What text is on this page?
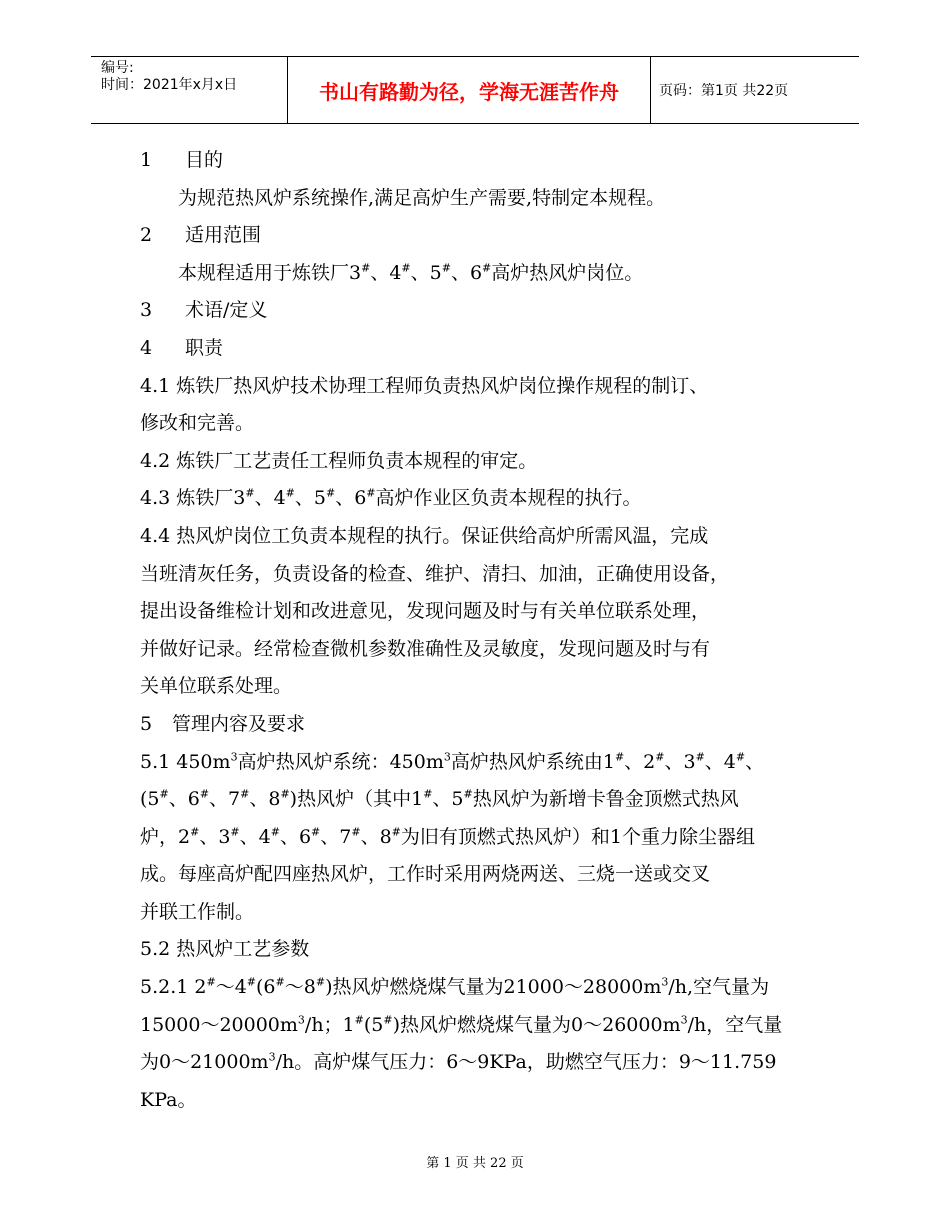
编号:
时间：2021年x月x日	书山有路勤为径，学海无涯苦作舟	页码：第1页 共22页

1 目的

为规范热风炉系统操作,满足高炉生产需要,特制定本规程。

2 适用范围

本规程适用于炼铁厂3#、4#、5#、6#高炉热风炉岗位。

3 术语/定义

4 职责

4.1 炼铁厂热风炉技术协理工程师负责热风炉岗位操作规程的制订、

修改和完善。

4.2 炼铁厂工艺责任工程师负责本规程的审定。

4.3 炼铁厂3#、4#、5#、6#高炉作业区负责本规程的执行。

4.4 热风炉岗位工负责本规程的执行。保证供给高炉所需风温，完成

当班清灰任务，负责设备的检查、维护、清扫、加油，正确使用设备，

提出设备维检计划和改进意见，发现问题及时与有关单位联系处理，

并做好记录。经常检查微机参数准确性及灵敏度，发现问题及时与有

关单位联系处理。

5 管理内容及要求

5.1 $450m^3$高炉热风炉系统：$450m^3$高炉热风炉系统由1#、2#、3#、4#、

(5#、6#、7#、8#)热风炉（其中1#、5#热风炉为新增卡鲁金顶燃式热风

炉，2#、3#、4#、6#、7#、8#为旧有顶燃式热风炉）和1个重力除尘器组

成。每座高炉配四座热风炉，工作时采用两烧两送、三烧一送或交叉

并联工作制。

5.2 热风炉工艺参数

5.2.1 2#～4#(6#～8#)热风炉燃烧煤气量为$21000\sim 28000m^3/h$,空气量为

$15000\sim 20000m^3/h$；1#(5#)热风炉燃烧煤气量为$0\sim 26000m^3/h$，空气量

为$0\sim 21000m^3/h$。高炉煤气压力：6～9KPa，助燃空气压力：9～11.759

KPa。

第 1 页 共 22 页
